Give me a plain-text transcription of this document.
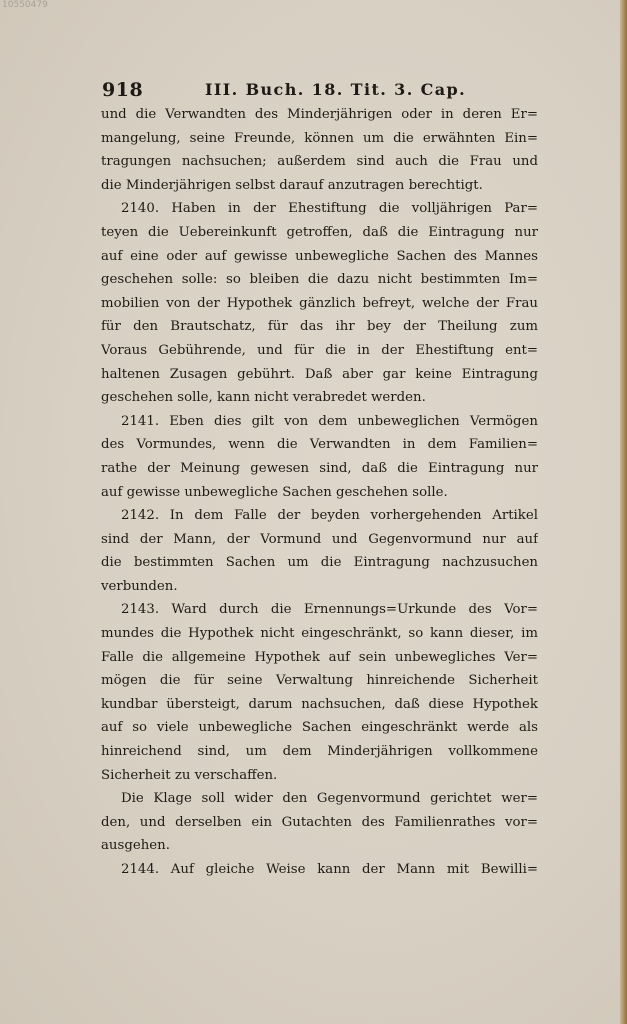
10550479
918	III. Buch. 18. Tit. 3. Cap.
und die Verwandten des Minderjährigen oder in deren Er=
mangelung, seine Freunde, können um die erwähnten Ein=
tragungen nachsuchen; außerdem sind auch die Frau und
die Minderjährigen selbst darauf anzutragen berechtigt.
2140. Haben in der Ehestiftung die volljährigen Par=
teyen die Uebereinkunft getroffen, daß die Eintragung nur
auf eine oder auf gewisse unbewegliche Sachen des Mannes
geschehen solle: so bleiben die dazu nicht bestimmten Im=
mobilien von der Hypothek gänzlich befreyt, welche der Frau
für den Brautschatz, für das ihr bey der Theilung zum
Voraus Gebührende, und für die in der Ehestiftung ent=
haltenen Zusagen gebührt. Daß aber gar keine Eintragung
geschehen solle, kann nicht verabredet werden.
2141. Eben dies gilt von dem unbeweglichen Vermögen
des Vormundes, wenn die Verwandten in dem Familien=
rathe der Meinung gewesen sind, daß die Eintragung nur
auf gewisse unbewegliche Sachen geschehen solle.
2142. In dem Falle der beyden vorhergehenden Artikel
sind der Mann, der Vormund und Gegenvormund nur auf
die bestimmten Sachen um die Eintragung nachzusuchen
verbunden.
2143. Ward durch die Ernennungs=Urkunde des Vor=
mundes die Hypothek nicht eingeschränkt, so kann dieser, im
Falle die allgemeine Hypothek auf sein unbewegliches Ver=
mögen die für seine Verwaltung hinreichende Sicherheit
kundbar übersteigt, darum nachsuchen, daß diese Hypothek
auf so viele unbewegliche Sachen eingeschränkt werde als
hinreichend sind, um dem Minderjährigen vollkommene
Sicherheit zu verschaffen.
Die Klage soll wider den Gegenvormund gerichtet wer=
den, und derselben ein Gutachten des Familienrathes vor=
ausgehen.
2144. Auf gleiche Weise kann der Mann mit Bewilli=
